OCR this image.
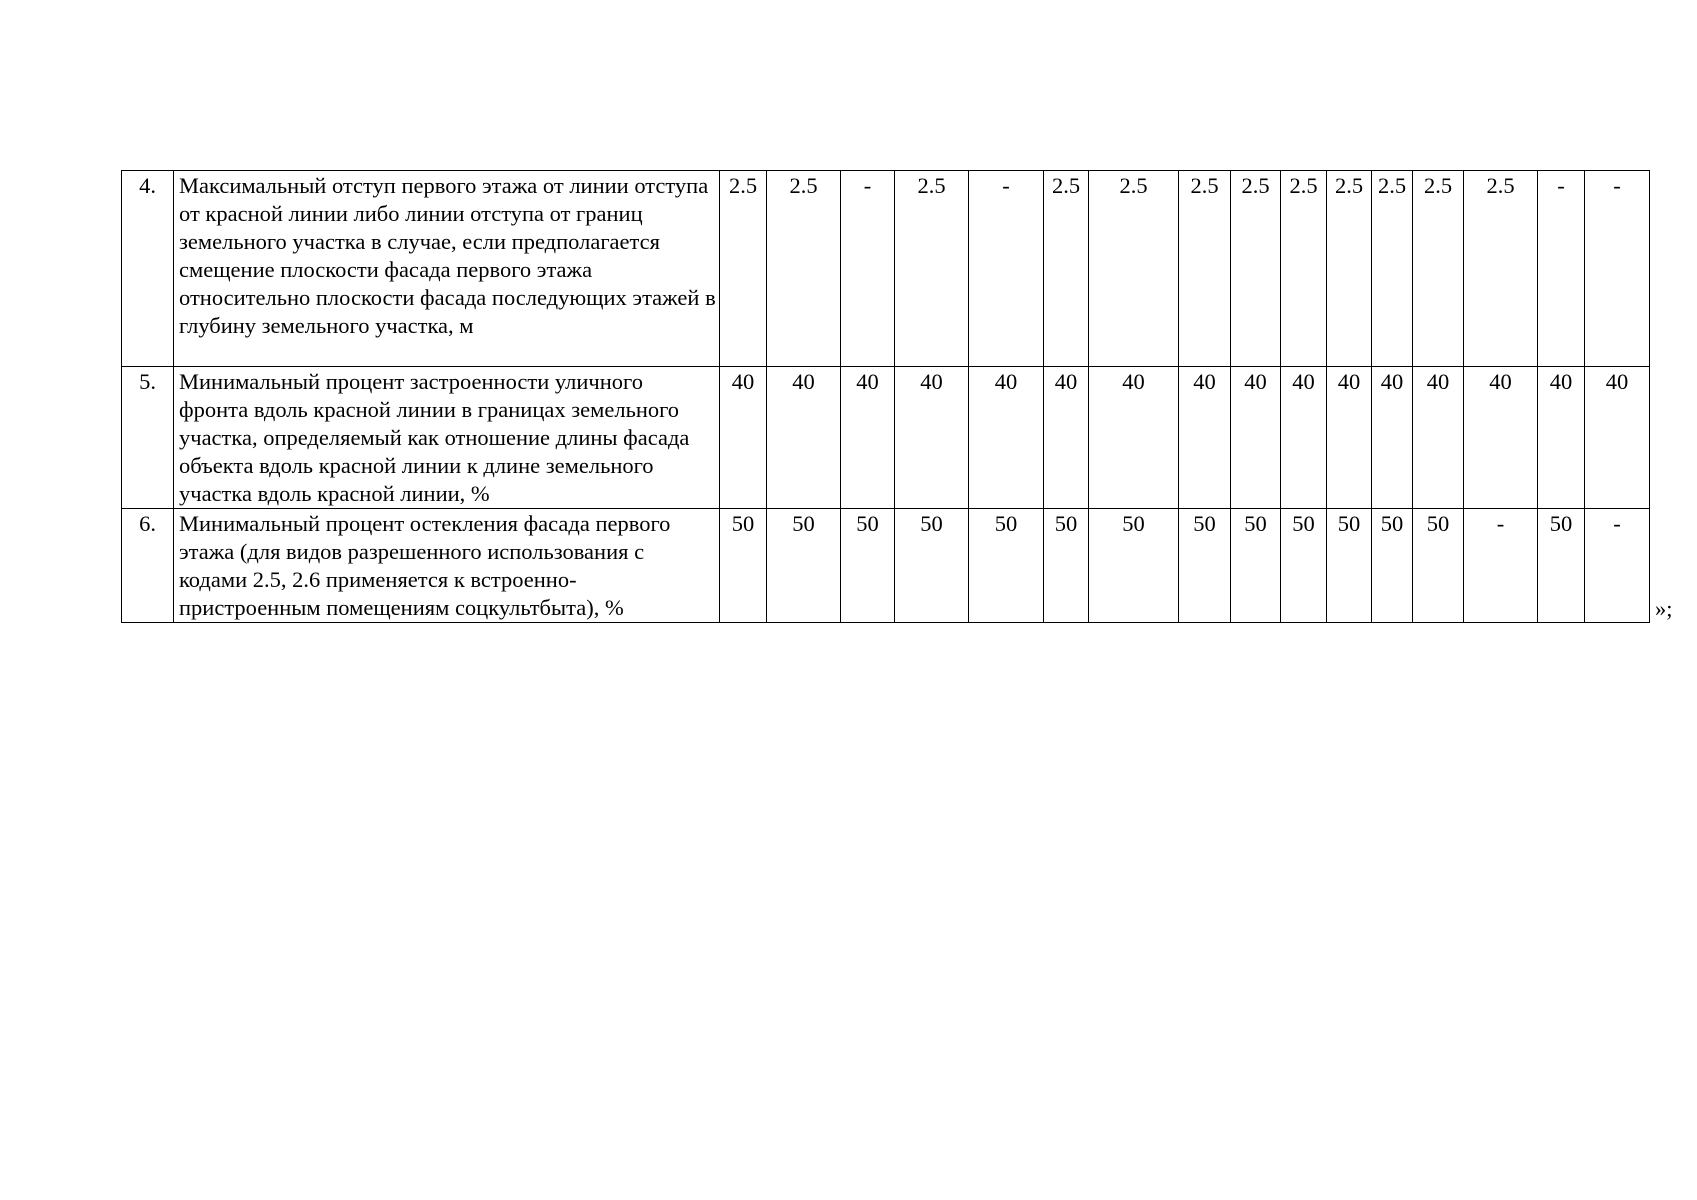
4.	Максимальный отступ первого этажа от линии отступа от красной линии либо линии отступа от границ земельного участка в случае, если предполагается смещение плоскости фасада первого этажа относительно плоскости фасада последующих этажей в глубину земельного участка, м	2.5	2.5	-	2.5	-	2.5	2.5	2.5	2.5	2.5	2.5	2.5	2.5	2.5	-	-
5.	Минимальный процент застроенности уличного фронта вдоль красной линии в границах земельного участка, определяемый как отношение длины фасада объекта вдоль красной линии к длине земельного участка вдоль красной линии, %	40	40	40	40	40	40	40	40	40	40	40	40	40	40	40	40
6.	Минимальный процент остекления фасада первого этажа (для видов разрешенного использования с кодами 2.5, 2.6 применяется к встроенно-пристроенным помещениям соцкультбыта), %	50	50	50	50	50	50	50	50	50	50	50	50	50	-	50	-
»;
